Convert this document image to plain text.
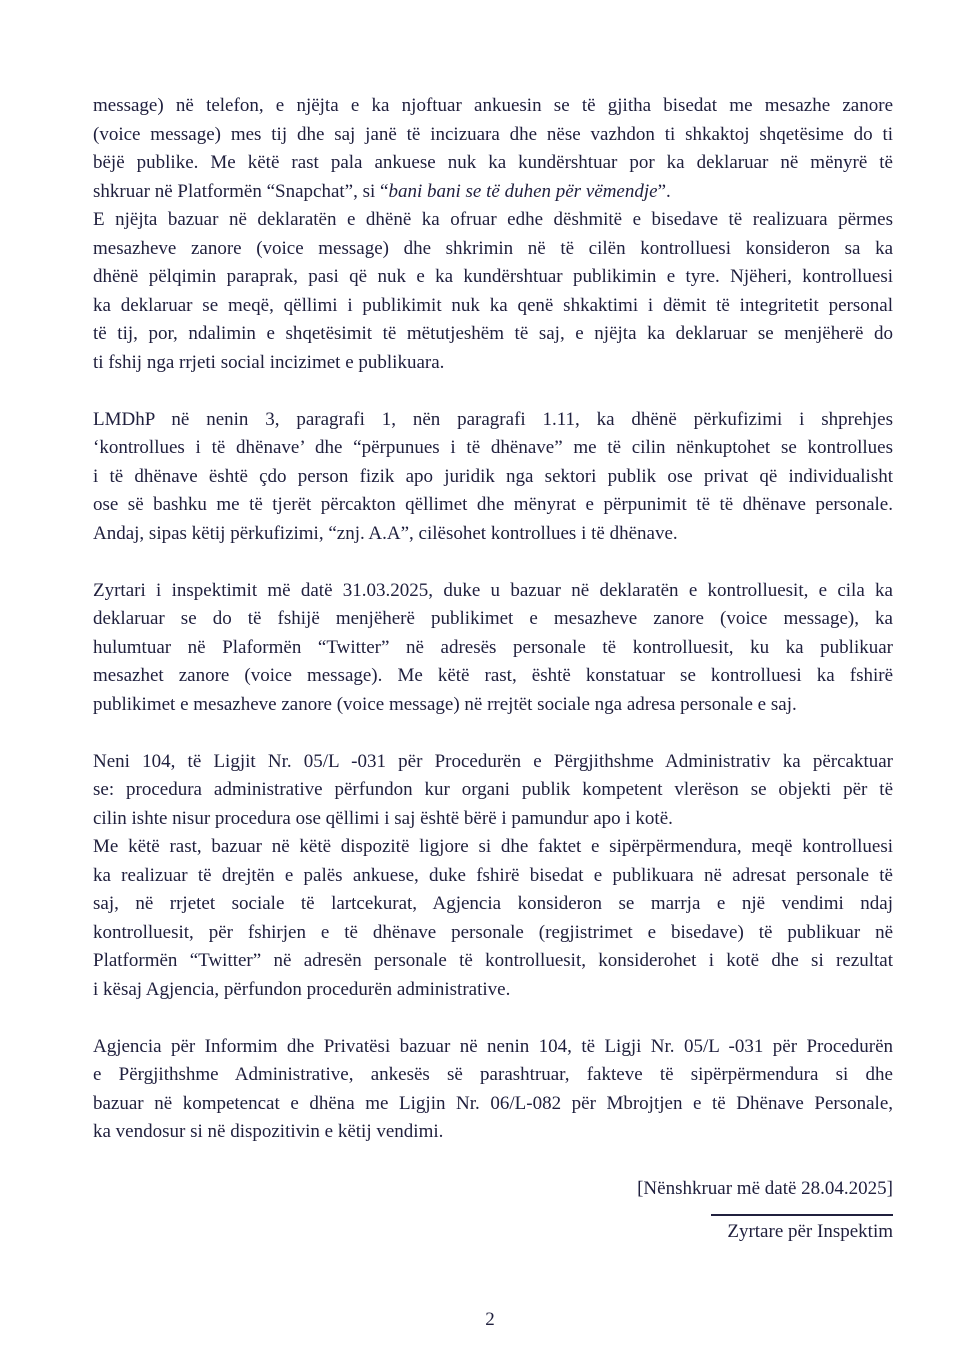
message) në telefon, e njëjta e ka njoftuar ankuesin se të gjitha bisedat me mesazhe zanore
(voice message) mes tij dhe saj janë të incizuara dhe nëse vazhdon ti shkaktoj shqetësime do ti
bëjë publike. Me këtë rast pala ankuese nuk ka kundërshtuar por ka deklaruar në mënyrë të
shkruar në Platformën “Snapchat”, si “bani bani se të duhen për vëmendje”.
E njëjta bazuar në deklaratën e dhënë ka ofruar edhe dëshmitë e bisedave të realizuara përmes
mesazheve zanore (voice message) dhe shkrimin në të cilën kontrolluesi konsideron sa ka
dhënë pëlqimin paraprak, pasi që nuk e ka kundërshtuar publikimin e tyre. Njëheri, kontrolluesi
ka deklaruar se meqë, qëllimi i publikimit nuk ka qenë shkaktimi i dëmit të integritetit personal
të tij, por, ndalimin e shqetësimit të mëtutjeshëm të saj, e njëjta ka deklaruar se menjëherë do
ti fshij nga rrjeti social incizimet e publikuara.
LMDhP në nenin 3, paragrafi 1, nën paragrafi 1.11, ka dhënë përkufizimi i shprehjes
‘kontrollues i të dhënave’ dhe “përpunues i të dhënave” me të cilin nënkuptohet se kontrollues
i të dhënave është çdo person fizik apo juridik nga sektori publik ose privat që individualisht
ose së bashku me të tjerët përcakton qëllimet dhe mënyrat e përpunimit të të dhënave personale.
Andaj, sipas këtij përkufizimi, “znj. A.A”, cilësohet kontrollues i të dhënave.
Zyrtari i inspektimit më datë 31.03.2025, duke u bazuar në deklaratën e kontrolluesit, e cila ka
deklaruar se do të fshijë menjëherë publikimet e mesazheve zanore (voice message), ka
hulumtuar në Plaformën “Twitter” në adresës personale të kontrolluesit, ku ka publikuar
mesazhet zanore (voice message). Me këtë rast, është konstatuar se kontrolluesi ka fshirë
publikimet e mesazheve zanore (voice message) në rrejtët sociale nga adresa personale e saj.
Neni 104, të Ligjit Nr. 05/L -031 për Procedurën e Përgjithshme Administrativ ka përcaktuar
se: procedura administrative përfundon kur organi publik kompetent vlerëson se objekti për të
cilin ishte nisur procedura ose qëllimi i saj është bërë i pamundur apo i kotë.
Me këtë rast, bazuar në këtë dispozitë ligjore si dhe faktet e sipërpërmendura, meqë kontrolluesi
ka realizuar të drejtën e palës ankuese, duke fshirë bisedat e publikuara në adresat personale të
saj, në rrjetet sociale të lartcekurat, Agjencia konsideron se marrja e një vendimi ndaj
kontrolluesit, për fshirjen e të dhënave personale (regjistrimet e bisedave) të publikuar në
Platformën “Twitter” në adresën personale të kontrolluesit, konsiderohet i kotë dhe si rezultat
i kësaj Agjencia, përfundon procedurën administrative.
Agjencia për Informim dhe Privatësi bazuar në nenin 104, të Ligji Nr. 05/L -031 për Procedurën
e Përgjithshme Administrative, ankesës së parashtruar, fakteve të sipërpërmendura si dhe
bazuar në kompetencat e dhëna me Ligjin Nr. 06/L-082 për Mbrojtjen e të Dhënave Personale,
ka vendosur si në dispozitivin e këtij vendimi.
[Nënshkruar më datë 28.04.2025]
Zyrtare për Inspektim
2
